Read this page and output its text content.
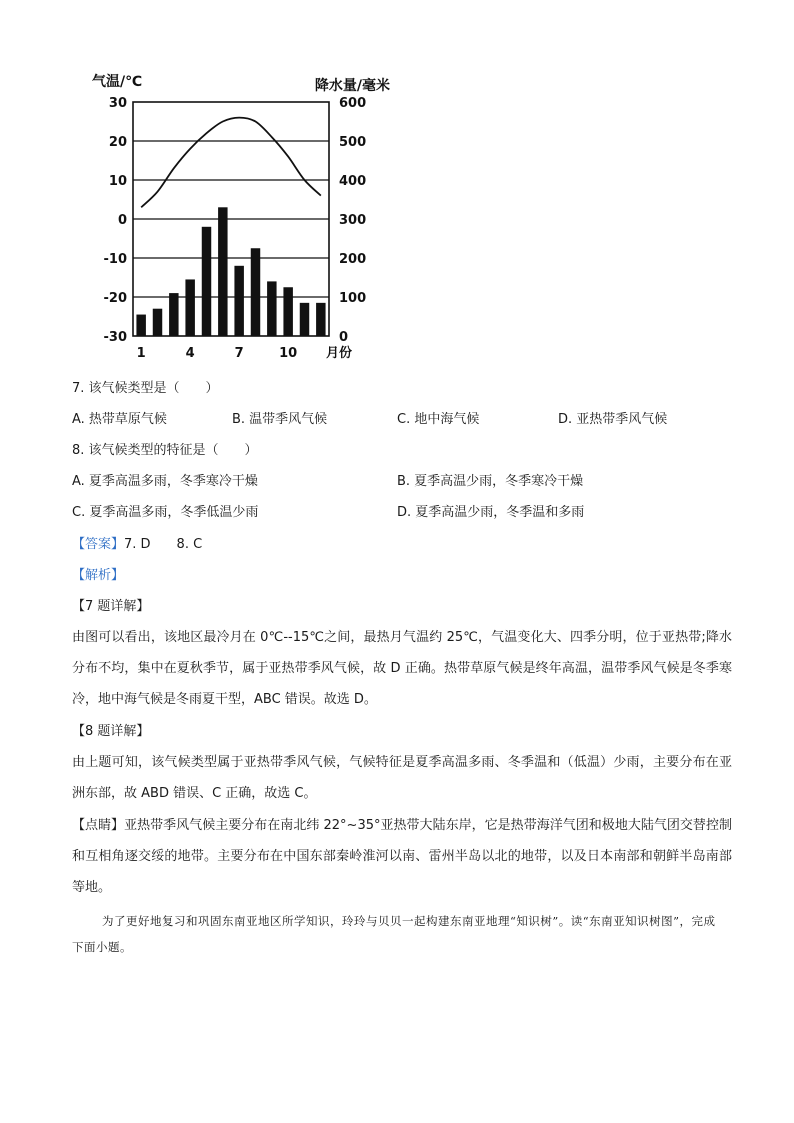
气温/℃	降水量/毫米
月份
30
20
10
0
-10
-20
-30
600
500
400
300
200
100
0
1	4	7	10
7. 该气候类型是（　　）
A. 热带草原气候	B. 温带季风气候	C. 地中海气候	D. 亚热带季风气候
8. 该气候类型的特征是（　　）
A. 夏季高温多雨，冬季寒冷干燥	B. 夏季高温少雨，冬季寒冷干燥
C. 夏季高温多雨，冬季低温少雨	D. 夏季高温少雨，冬季温和多雨
【答案】7. D　　8. C
【解析】
【7 题详解】
由图可以看出，该地区最冷月在 0℃--15℃之间，最热月气温约 25℃，气温变化大、四季分明，位于亚热带;降水分布不均，集中在夏秋季节，属于亚热带季风气候，故 D 正确。热带草原气候是终年高温，温带季风气候是冬季寒冷，地中海气候是冬雨夏干型，ABC 错误。故选 D。
【8 题详解】
由上题可知，该气候类型属于亚热带季风气候，气候特征是夏季高温多雨、冬季温和（低温）少雨，主要分布在亚洲东部，故 ABD 错误、C 正确，故选 C。
【点睛】亚热带季风气候主要分布在南北纬 22°~35°亚热带大陆东岸，它是热带海洋气团和极地大陆气团交替控制和互相角逐交绥的地带。主要分布在中国东部秦岭淮河以南、雷州半岛以北的地带，以及日本南部和朝鲜半岛南部等地。
为了更好地复习和巩固东南亚地区所学知识，玲玲与贝贝一起构建东南亚地理“知识树”。读“东南亚知识树图”，完成下面小题。
